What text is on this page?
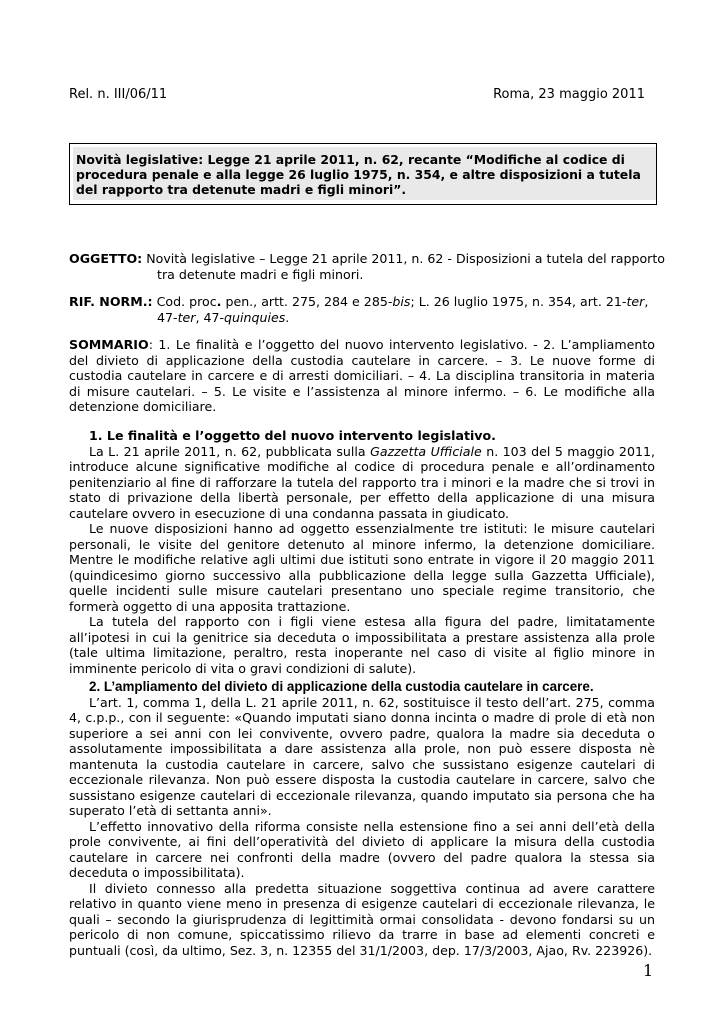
Rel. n. III/06/11	Roma, 23 maggio 2011
Novità legislative: Legge 21 aprile 2011, n. 62, recante “Modifiche al codice di procedura penale e alla legge 26 luglio 1975, n. 354, e altre disposizioni a tutela del rapporto tra detenute madri e figli minori”.
OGGETTO: Novità legislative – Legge 21 aprile 2011, n. 62 - Disposizioni a tutela del rapporto
tra detenute madri e figli minori.
RIF. NORM.: Cod. proc. pen., artt. 275, 284 e 285-bis; L. 26 luglio 1975, n. 354, art. 21-ter,
47-ter, 47-quinquies.

SOMMARIO: 1. Le finalità e l’oggetto del nuovo intervento legislativo. - 2. L’ampliamento del divieto di applicazione della custodia cautelare in carcere. – 3. Le nuove forme di custodia cautelare in carcere e di arresti domiciliari. – 4. La disciplina transitoria in materia di misure cautelari. – 5. Le visite e l’assistenza al minore infermo. – 6. Le modifiche alla detenzione domiciliare.

1. Le finalità e l’oggetto del nuovo intervento legislativo.

La L. 21 aprile 2011, n. 62, pubblicata sulla Gazzetta Ufficiale n. 103 del 5 maggio 2011, introduce alcune significative modifiche al codice di procedura penale e all’ordinamento penitenziario al fine di rafforzare la tutela del rapporto tra i minori e la madre che si trovi in stato di privazione della libertà personale, per effetto della applicazione di una misura cautelare ovvero in esecuzione di una condanna passata in giudicato.

Le nuove disposizioni hanno ad oggetto essenzialmente tre istituti: le misure cautelari personali, le visite del genitore detenuto al minore infermo, la detenzione domiciliare. Mentre le modifiche relative agli ultimi due istituti sono entrate in vigore il 20 maggio 2011 (quindicesimo giorno successivo alla pubblicazione della legge sulla Gazzetta Ufficiale), quelle incidenti sulle misure cautelari presentano uno speciale regime transitorio, che formerà oggetto di una apposita trattazione.

La tutela del rapporto con i figli viene estesa alla figura del padre, limitatamente all’ipotesi in cui la genitrice sia deceduta o impossibilitata a prestare assistenza alla prole (tale ultima limitazione, peraltro, resta inoperante nel caso di visite al figlio minore in imminente pericolo di vita o gravi condizioni di salute).

2. L’ampliamento del divieto di applicazione della custodia cautelare in carcere.

L’art. 1, comma 1, della L. 21 aprile 2011, n. 62, sostituisce il testo dell’art. 275, comma 4, c.p.p., con il seguente: «Quando imputati siano donna incinta o madre di prole di età non superiore a sei anni con lei convivente, ovvero padre, qualora la madre sia deceduta o assolutamente impossibilitata a dare assistenza alla prole, non può essere disposta nè mantenuta la custodia cautelare in carcere, salvo che sussistano esigenze cautelari di eccezionale rilevanza. Non può essere disposta la custodia cautelare in carcere, salvo che sussistano esigenze cautelari di eccezionale rilevanza, quando imputato sia persona che ha superato l’età di settanta anni».

L’effetto innovativo della riforma consiste nella estensione fino a sei anni dell’età della prole convivente, ai fini dell’operatività del divieto di applicare la misura della custodia cautelare in carcere nei confronti della madre (ovvero del padre qualora la stessa sia deceduta o impossibilitata).

Il divieto connesso alla predetta situazione soggettiva continua ad avere carattere relativo in quanto viene meno in presenza di esigenze cautelari di eccezionale rilevanza, le quali – secondo la giurisprudenza di legittimità ormai consolidata - devono fondarsi su un pericolo di non comune, spiccatissimo rilievo da trarre in base ad elementi concreti e puntuali (così, da ultimo, Sez. 3, n. 12355 del 31/1/2003, dep. 17/3/2003, Ajao, Rv. 223926).

1
